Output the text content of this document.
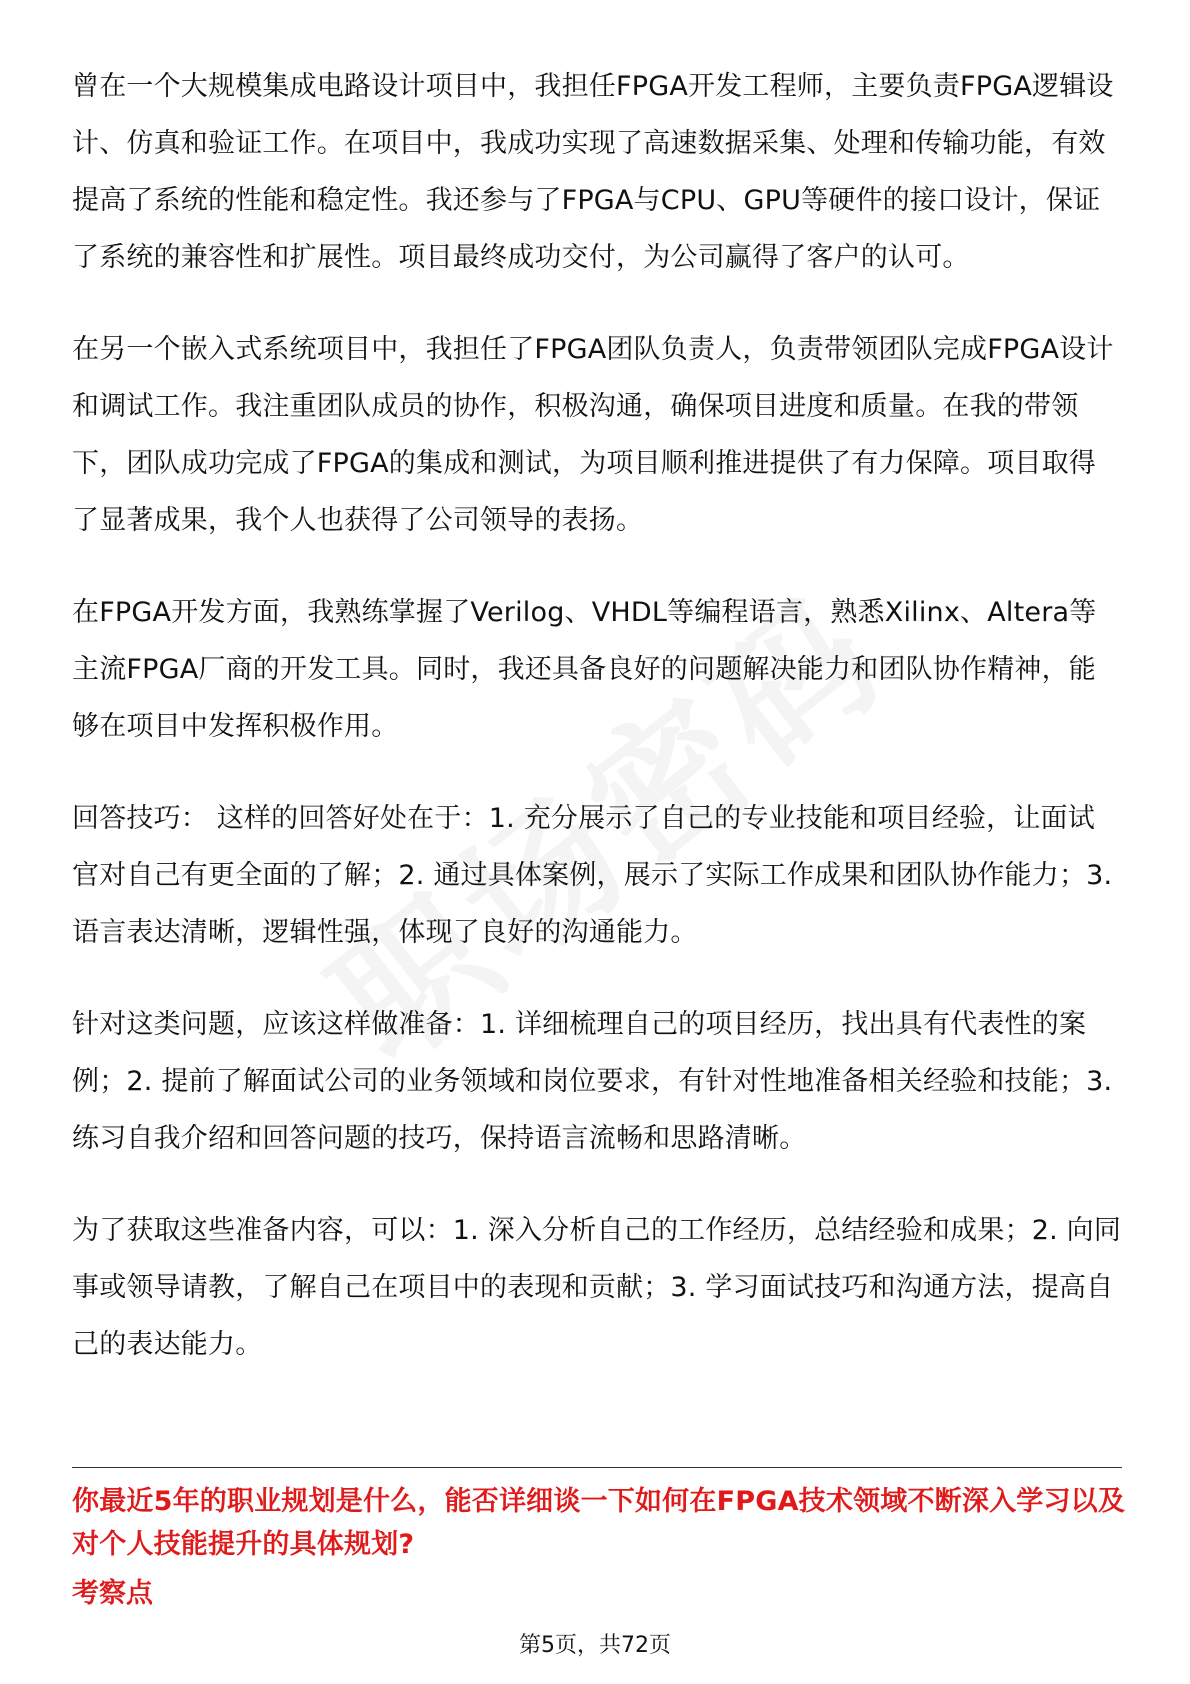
曾在一个大规模集成电路设计项目中，我担任FPGA开发工程师，主要负责FPGA逻辑设计、仿真和验证工作。在项目中，我成功实现了高速数据采集、处理和传输功能，有效提高了系统的性能和稳定性。我还参与了FPGA与CPU、GPU等硬件的接口设计，保证了系统的兼容性和扩展性。项目最终成功交付，为公司赢得了客户的认可。

在另一个嵌入式系统项目中，我担任了FPGA团队负责人，负责带领团队完成FPGA设计和调试工作。我注重团队成员的协作，积极沟通，确保项目进度和质量。在我的带领下，团队成功完成了FPGA的集成和测试，为项目顺利推进提供了有力保障。项目取得了显著成果，我个人也获得了公司领导的表扬。

在FPGA开发方面，我熟练掌握了Verilog、VHDL等编程语言，熟悉Xilinx、Altera等主流FPGA厂商的开发工具。同时，我还具备良好的问题解决能力和团队协作精神，能够在项目中发挥积极作用。

回答技巧： 这样的回答好处在于：1. 充分展示了自己的专业技能和项目经验，让面试官对自己有更全面的了解；2. 通过具体案例，展示了实际工作成果和团队协作能力；3. 语言表达清晰，逻辑性强，体现了良好的沟通能力。

针对这类问题，应该这样做准备：1. 详细梳理自己的项目经历，找出具有代表性的案例；2. 提前了解面试公司的业务领域和岗位要求，有针对性地准备相关经验和技能；3. 练习自我介绍和回答问题的技巧，保持语言流畅和思路清晰。

为了获取这些准备内容，可以：1. 深入分析自己的工作经历，总结经验和成果；2. 向同事或领导请教，了解自己在项目中的表现和贡献；3. 学习面试技巧和沟通方法，提高自己的表达能力。

你最近5年的职业规划是什么，能否详细谈一下如何在FPGA技术领域不断深入学习以及对个人技能提升的具体规划?
考察点
第5页，共72页
